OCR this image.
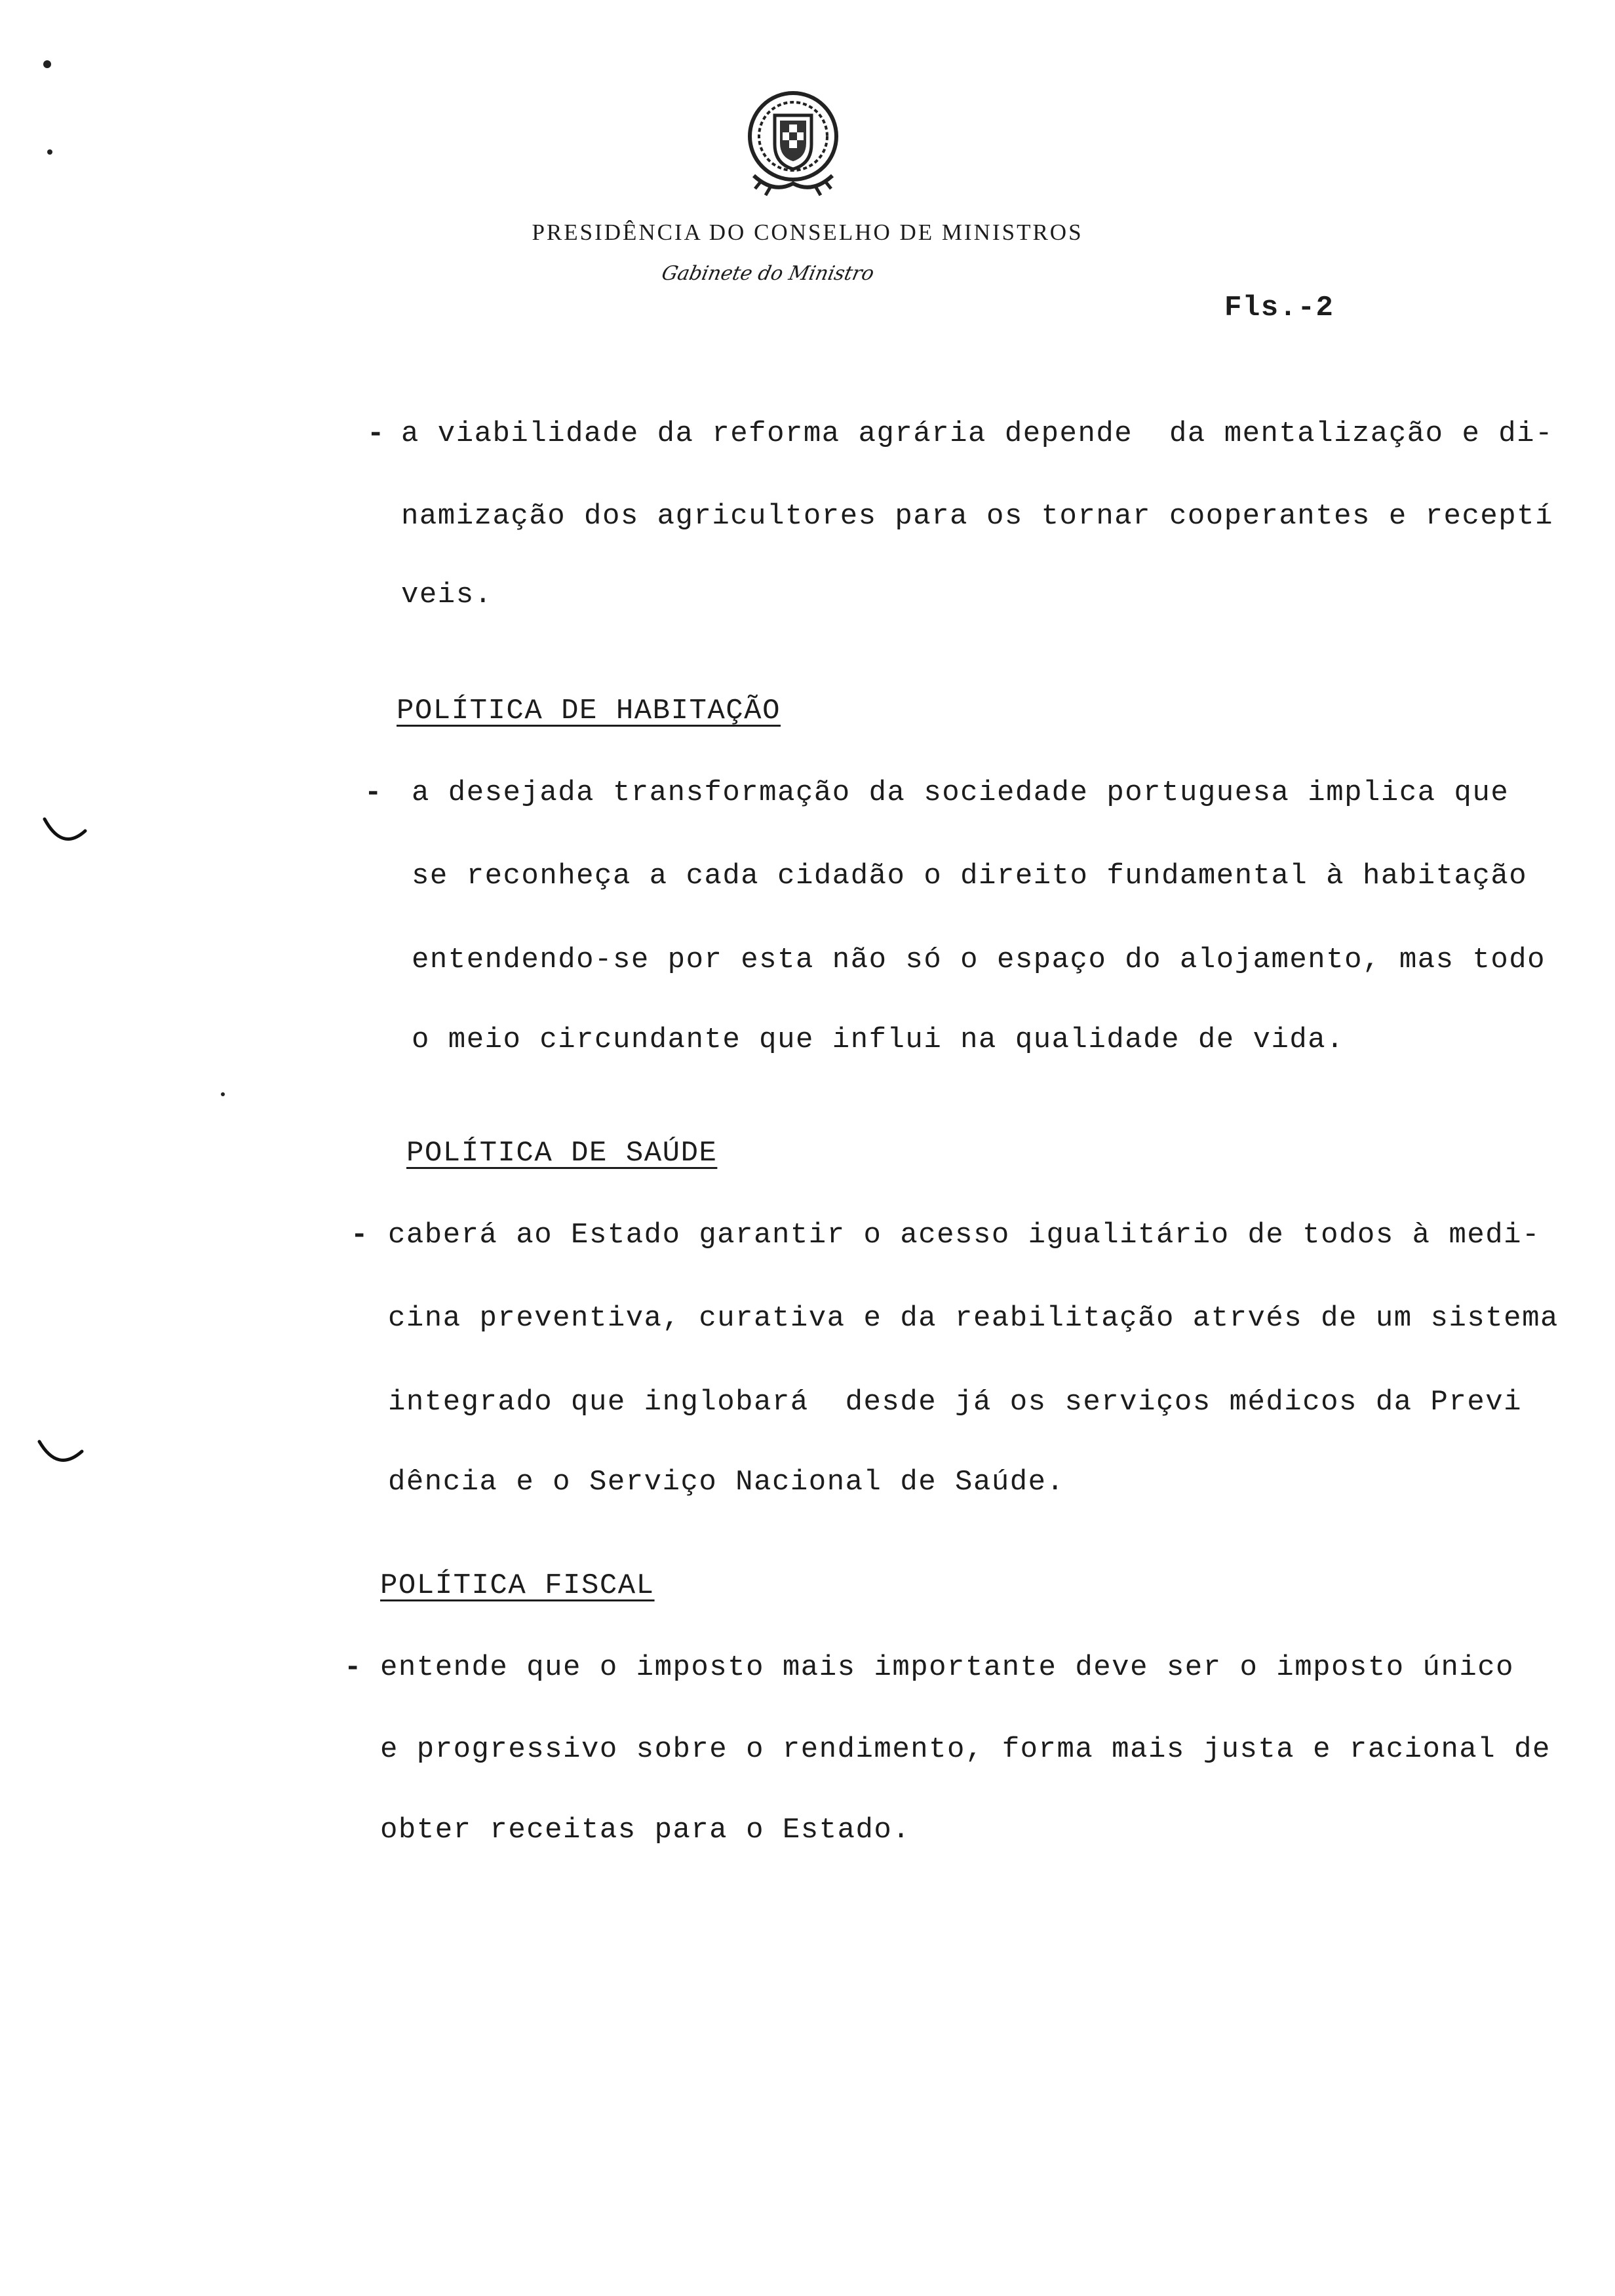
PRESIDÊNCIA DO CONSELHO DE MINISTROS
Gabinete do Ministro
Fls.-2
- a viabilidade da reforma agrária depende  da mentalização e di-
namização dos agricultores para os tornar cooperantes e receptí
veis.
POLÍTICA DE HABITAÇÃO
- a desejada transformação da sociedade portuguesa implica que
se reconheça a cada cidadão o direito fundamental à habitação
entendendo-se por esta não só o espaço do alojamento, mas todo
o meio circundante que influi na qualidade de vida.
POLÍTICA DE SAÚDE
- caberá ao Estado garantir o acesso igualitário de todos à medi-
cina preventiva, curativa e da reabilitação atrvés de um sistema
integrado que inglobará  desde já os serviços médicos da Previ
dência e o Serviço Nacional de Saúde.
POLÍTICA FISCAL
- entende que o imposto mais importante deve ser o imposto único
e progressivo sobre o rendimento, forma mais justa e racional de
obter receitas para o Estado.
